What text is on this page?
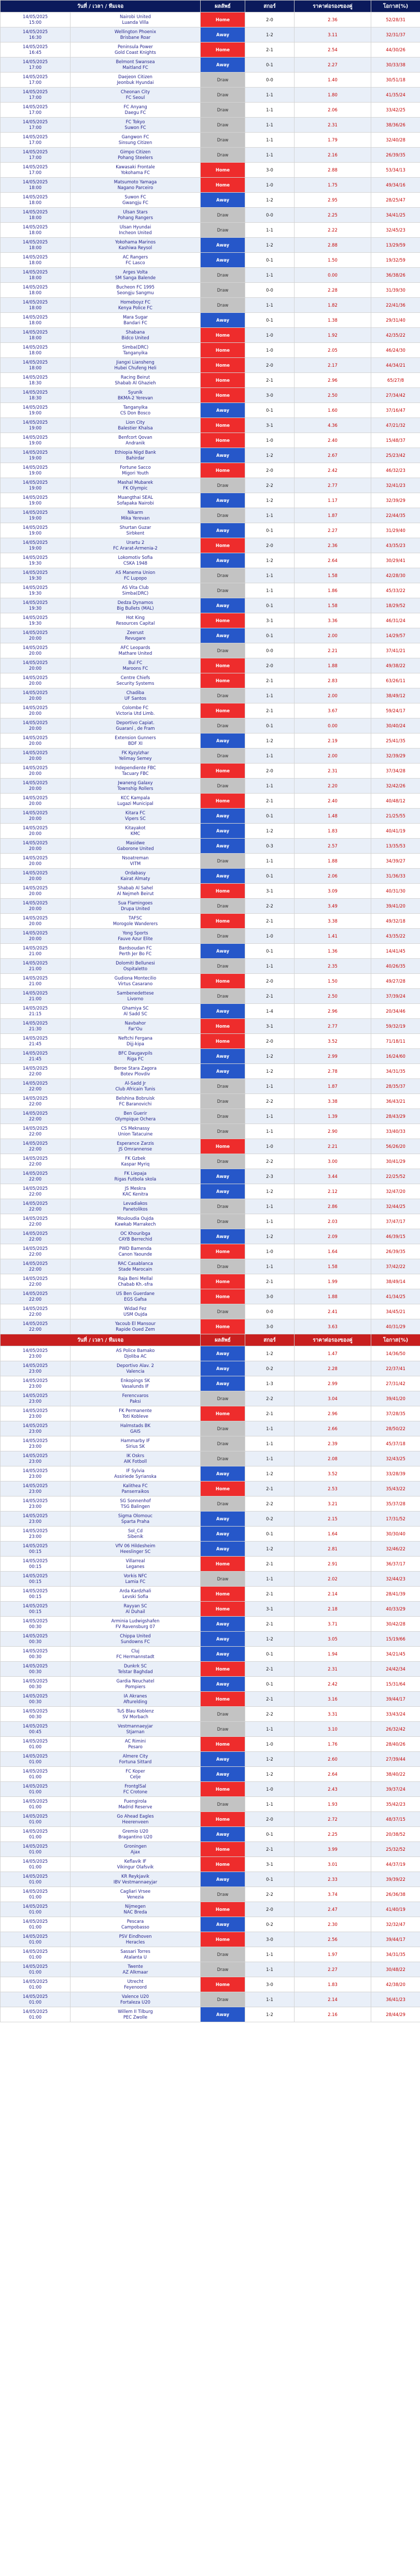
วันที่ / เวลา / ทีมเจอ		ผลลัพธ์	สกอร์	ราคาต่อรองของคู่	โอกาส(%)

14/05/2025
15:00	Nairobi United
Luanda Villa	Home	2-0	2.36	52/28/31

14/05/2025
16:30	Wellington Phoenix
Brisbane Roar	Away	1-2	3.11	32/31/37

14/05/2025
16:45	Peninsula Power
Gold Coast Knights	Home	2-1	2.54	44/30/26

14/05/2025
17:00	Belmont Swansea
Maitland FC	Away	0-1	2.27	30/33/38

14/05/2025
17:00	Daejeon Citizen
Jeonbuk Hyundai	Draw	0-0	1.40	30/51/18

14/05/2025
17:00	Cheonan City
FC Seoul	Draw	1-1	1.80	41/35/24

14/05/2025
17:00	FC Anyang
Daegu FC	Draw	1-1	2.06	33/42/25

14/05/2025
17:00	FC Tokyo
Suwon FC	Draw	1-1	2.31	38/36/26

14/05/2025
17:00	Gangwon FC
Sinsung Citizen	Draw	1-1	1.79	32/40/28

14/05/2025
17:00	Gimpo Citizen
Pohang Steelers	Draw	1-1	2.16	26/39/35

14/05/2025
17:00	Kawasaki Frontale
Yokohama FC	Home	3-0	2.88	53/34/13

14/05/2025
18:00	Matsumoto Yamaga
Nagano Parceiro	Home	1-0	1.75	49/34/16

14/05/2025
18:00	Suwon FC
Gwangju FC	Away	1-2	2.95	28/25/47

14/05/2025
18:00	Ulsan Stars
Pohang Rangers	Draw	0-0	2.25	34/41/25

14/05/2025
18:00	Ulsan Hyundai
Incheon United	Draw	1-1	2.22	32/45/23

14/05/2025
18:00	Yokohama Marinos
Kashiwa Reysol	Away	1-2	2.88	13/29/59

14/05/2025
18:00	AC Rangers
FC Lasco	Away	0-1	1.50	19/32/59

14/05/2025
18:00	Arges Volta
SM Sanga Balende	Draw	1-1	0.00	36/38/26

14/05/2025
18:00	Bucheon FC 1995
Seongju Sangmu	Draw	0-0	2.28	31/39/30

14/05/2025
18:00	Homeboyz FC
Kenya Police FC	Draw	1-1	1.82	22/41/36

14/05/2025
18:00	Mara Sugar
Bandari FC	Away	0-1	1.38	29/31/40

14/05/2025
18:00	Shabana
Bidco United	Home	1-0	1.92	42/35/22

14/05/2025
18:00	Simba(DRC)
Tanganyika	Home	1-0	2.05	46/24/30

14/05/2025
18:00	Jiangxi Liansheng
Hubei Chufeng Heli	Home	2-0	2.17	44/34/21

14/05/2025
18:30	Racing Beirut
Shabab Al Ghazieh	Home	2-1	2.96	65/27/8

14/05/2025
18:30	Syunik
BKMA-2 Yerevan	Home	3-0	2.50	27/34/42

14/05/2025
19:00	Tanganyika
CS Don Bosco	Away	0-1	1.60	37/16/47

14/05/2025
19:00	Lion City
Balestier Khalsa	Home	3-1	4.36	47/21/32

14/05/2025
19:00	Benfcort Qovan
Andranik	Home	1-0	2.40	15/48/37

14/05/2025
19:00	Ethiopia Nigd Bank
Bahirdar	Away	1-2	2.67	25/23/42

14/05/2025
19:00	Fortune Sacco
Migori Youth	Home	2-0	2.42	46/32/23

14/05/2025
19:00	Mashal Mubarek
FK Olympic	Draw	2-2	2.77	32/41/23

14/05/2025
19:00	Muangthai SEAL
Sofapaka Nairobi	Away	1-2	1.17	32/39/29

14/05/2025
19:00	Nikarm
Mika Yerevan	Draw	1-1	1.87	22/44/35

14/05/2025
19:00	Shurtan Guzar
Sirbkent	Away	0-1	2.27	31/29/40

14/05/2025
19:00	Urartu 2
FC Ararat-Armenia-2	Home	2-0	2.36	43/35/23

14/05/2025
19:30	Lokomotiv Sofia
CSKA 1948	Away	1-2	2.64	30/29/41

14/05/2025
19:30	AS Manema Union
FC Lupopo	Draw	1-1	1.58	42/28/30

14/05/2025
19:30	AS Vita Club
Simba(DRC)	Draw	1-1	1.86	45/33/22

14/05/2025
19:30	Dedza Dynamos
Big Bullets (MAL)	Away	0-1	1.58	18/29/52

14/05/2025
19:30	Hot King
Resources Capital	Home	3-1	3.36	46/31/24

14/05/2025
20:00	Zeerust
Revugare	Away	0-1	2.00	14/29/57

14/05/2025
20:00	AFC Leopards
Mathare United	Draw	0-0	2.21	37/41/21

14/05/2025
20:00	Bul FC
Maroons FC	Home	2-0	1.88	49/38/22

14/05/2025
20:00	Centre Chiefs
Security Systems	Home	2-1	2.83	63/26/11

14/05/2025
20:00	Chadiba
UF Santos	Draw	1-1	2.00	38/49/12

14/05/2025
20:00	Colombe FC
Victoria Utd Limb.	Home	2-1	3.67	59/24/17

14/05/2025
20:00	Deportivo Capiat.
Guaraní , de Fram	Draw	0-1	0.00	30/40/24

14/05/2025
20:00	Extension Gunners
BDF XI	Away	1-2	2.19	25/41/35

14/05/2025
20:00	FK Kyzylzhar
Yelimay Semey	Draw	1-1	2.00	32/39/29

14/05/2025
20:00	Independiente FBC
Tacuary FBC	Home	2-0	2.31	37/34/28

14/05/2025
20:00	Jwaneng Galaxy
Township Rollers	Draw	1-1	2.20	32/42/26

14/05/2025
20:00	KCC Kampala
Lugazi Municipal	Home	2-1	2.40	40/48/12

14/05/2025
20:00	Kitara FC
Vipers SC	Away	0-1	1.48	21/25/55

14/05/2025
20:00	Kitayakot
KMC	Away	1-2	1.83	40/41/19

14/05/2025
20:00	Masidwe
Gaborone United	Away	0-3	2.57	13/35/53

14/05/2025
20:00	Nsoatreman
VITM	Draw	1-1	1.88	34/39/27

14/05/2025
20:00	Ordabasy
Kairat Almaty	Away	0-1	2.06	31/36/33

14/05/2025
20:00	Shabab Al Sahel
Al Nejmeh Beirut	Home	3-1	3.09	40/31/30

14/05/2025
20:00	Sua Flamingoes
Drupa United	Draw	2-2	3.49	39/41/20

14/05/2025
20:00	TAFSC
Morogole Wanderers	Home	2-1	3.38	49/32/18

14/05/2025
20:00	Yong Sports
Fauve Azur Elite	Draw	1-0	1.41	43/35/22

14/05/2025
21:00	Bardsoudan FC
Perth Jer Bo FC	Away	0-1	1.36	14/41/45

14/05/2025
21:00	Dolomiti Bellunesi
Ospitaletto	Draw	1-1	2.35	40/26/35

14/05/2025
21:00	Gudiona Montecilio
Virtus Casarano	Home	2-0	1.50	49/27/28

14/05/2025
21:00	Sambenedettese
Livorno	Draw	2-1	2.50	37/39/24

14/05/2025
21:15	Ghamiya SC
Al Sadd SC	Away	1-4	2.96	20/34/46

14/05/2025
21:30	Navbahor
Far'Ou	Home	3-1	2.77	59/32/19

14/05/2025
21:45	Neftchi Fergana
Dijj-kipa	Home	2-0	3.52	71/18/11

14/05/2025
21:45	BFC Daugavpils
Riga FC	Away	1-2	2.99	16/24/60

14/05/2025
22:00	Beroe Stara Zagora
Botev Plovdiv	Away	1-2	2.78	34/31/35

14/05/2025
22:00	Al-Sadd Jr
Club Africain Tunis	Draw	1-1	1.87	28/35/37

14/05/2025
22:00	Belshina Bobruisk
FC Baranovichi	Draw	2-2	3.38	36/43/21

14/05/2025
22:00	Ben Guerir
Olympique Ochera	Draw	1-1	1.39	28/43/29

14/05/2025
22:00	CS Meknassy
Union Tatacuine	Draw	1-1	2.90	33/40/33

14/05/2025
22:00	Esperance Zarzis
JS Omrannense	Home	1-0	2.21	56/26/20

14/05/2025
22:00	FK Gzbek
Kaspar Myriq	Draw	2-2	3.00	30/41/29

14/05/2025
22:00	FK Liepaja
Rigas Futbola skola	Away	2-3	3.44	22/25/52

14/05/2025
22:00	JS Meskra
KAC Kenitra	Away	1-2	2.12	32/47/20

14/05/2025
22:00	Levadiakos
Panetolikos	Draw	1-1	2.86	32/44/25

14/05/2025
22:00	Mouloudia Oujda
Kawkab Marrakech	Draw	1-1	2.03	37/47/17

14/05/2025
22:00	OC Khouribga
CAYB Berrechid	Away	1-2	2.09	46/39/15

14/05/2025
22:00	PWD Bamenda
Canon Yaounde	Home	1-0	1.64	26/39/35

14/05/2025
22:00	RAC Casablanca
Stade Marocain	Draw	1-1	1.58	37/42/22

14/05/2025
22:00	Raja Beni Mellal
Chabab Kh.-sfra	Home	2-1	1.99	38/49/14

14/05/2025
22:00	US Ben Guerdane
EGS Gafsa	Home	3-0	1.88	41/34/25

14/05/2025
22:00	Widad Fez
USM Oujda	Draw	0-0	2.41	34/45/21

14/05/2025
22:00	Yacoub El Mansour
Rapide Oued Zem	Home	3-0	3.63	40/31/29
วันที่ / เวลา / ทีมเจอ		ผลลัพธ์	สกอร์	ราคาต่อรองของคู่	โอกาส(%)

14/05/2025
23:00	AS Police Bamako
Djoliba AC	Away	1-2	1.47	14/36/50

14/05/2025
23:00	Deportivo Alav. 2
Valencia	Away	0-2	2.28	22/37/41

14/05/2025
23:00	Enkopings SK
Vasalunds IF	Away	1-3	2.99	27/31/42

14/05/2025
23:00	Ferencvaros
Paksi	Draw	2-2	3.04	39/41/20

14/05/2025
23:00	FK Permanente
Toti Kobleve	Home	2-1	2.96	37/28/35

14/05/2025
23:00	Halmstads BK
GAIS	Draw	1-1	2.66	28/50/22

14/05/2025
23:00	Hammarby IF
Sirius SK	Draw	1-1	2.39	45/37/18

14/05/2025
23:00	IK Oskrs
AIK Fotboll	Draw	1-1	2.08	32/43/25

14/05/2025
23:00	IF Sylvia
Assiriede Syrianska	Away	1-2	3.52	33/28/39

14/05/2025
23:00	Kalithea FC
Panserraikos	Home	2-1	2.53	35/43/22

14/05/2025
23:00	SG Sonnenhof
TSG Balingen	Draw	2-2	3.21	35/37/28

14/05/2025
23:00	Sigma Olomouc
Sparta Praha	Away	0-2	2.15	17/31/52

14/05/2025
23:00	Sol_Cd
Sibenik	Away	0-1	1.64	30/30/40

14/05/2025
00:15	VfV 06 Hildesheim
Heeslinger SC	Away	1-2	2.81	32/46/22

14/05/2025
00:15	Villarreal
Leganes	Home	2-1	2.91	36/37/17

14/05/2025
00:15	Vorkis NFC
Lamia FC	Draw	1-1	2.02	32/44/23

14/05/2025
00:15	Arda Kardzhali
Levski Sofia	Home	2-1	2.14	28/41/39

14/05/2025
00:15	Rayyan SC
Al Duhail	Home	3-1	2.18	40/33/29

14/05/2025
00:30	Arminia Ludwigshafen
FV Ravensburg 07	Away	2-1	3.71	30/42/28

14/05/2025
00:30	Chippa United
Sundowns FC	Away	1-2	3.05	15/19/66

14/05/2025
00:30	Cluj
FC Hermannstadt	Away	0-1	1.94	34/21/45

14/05/2025
00:30	Dunkrk SC
Telstar Baghdad	Home	2-1	2.31	24/42/34

14/05/2025
00:30	Gardia Neuchatel
Pompiers	Away	0-1	2.42	15/31/64

14/05/2025
00:30	IA Akranes
Afturelding	Home	2-1	3.16	39/44/17

14/05/2025
00:30	TuS Blau Koblenz
SV Morbach	Draw	2-2	3.31	33/43/24

14/05/2025
00:45	Vestmannaeyjar
Stjarnan	Draw	1-1	3.10	26/32/42

14/05/2025
01:00	AC Rimini
Pesaro	Home	1-0	1.76	28/40/26

14/05/2025
01:00	Almere City
Fortuna Sittard	Away	1-2	2.60	27/39/44

14/05/2025
01:00	FC Koper
Celje	Away	1-2	2.64	38/40/22

14/05/2025
01:00	FrontglSal
FC Crotone	Home	1-0	2.43	39/37/24

14/05/2025
01:00	Fuengirola
Madrid Reserve	Draw	1-1	1.93	35/42/23

14/05/2025
01:00	Go Ahead Eagles
Heerenveen	Home	2-0	2.72	48/37/15

14/05/2025
01:00	Gremio U20
Bragantino U20	Away	0-1	2.25	20/38/52

14/05/2025
01:00	Groningen
Ajax	Home	2-1	3.99	25/32/52

14/05/2025
01:00	Keflavik IF
Vikingur Olafsvik	Home	3-1	3.01	44/37/19

14/05/2025
01:00	KR Reykjavik
IBV Vestmannaeyjar	Away	0-1	2.33	39/39/22

14/05/2025
01:00	Cagliari Vrsee
Venezia	Draw	2-2	3.74	26/36/38

14/05/2025
01:00	Nijmegen
NAC Breda	Home	2-0	2.47	41/40/19

14/05/2025
01:00	Pescara
Campobasso	Away	0-2	2.30	32/32/47

14/05/2025
01:00	PSV Eindhoven
Heracles	Home	3-0	2.56	39/44/17

14/05/2025
01:00	Sassari Torres
Atalanta U	Draw	1-1	1.97	34/31/35

14/05/2025
01:00	Twente
AZ Alkmaar	Draw	1-1	2.27	30/48/22

14/05/2025
01:00	Utrecht
Feyenoord	Home	3-0	1.83	42/38/20

14/05/2025
01:00	Valence U20
Fortaleza U20	Draw	1-1	2.14	36/41/23

14/05/2025
01:00	Willem II Tilburg
PEC Zwolle	Away	1-2	2.16	28/44/29
